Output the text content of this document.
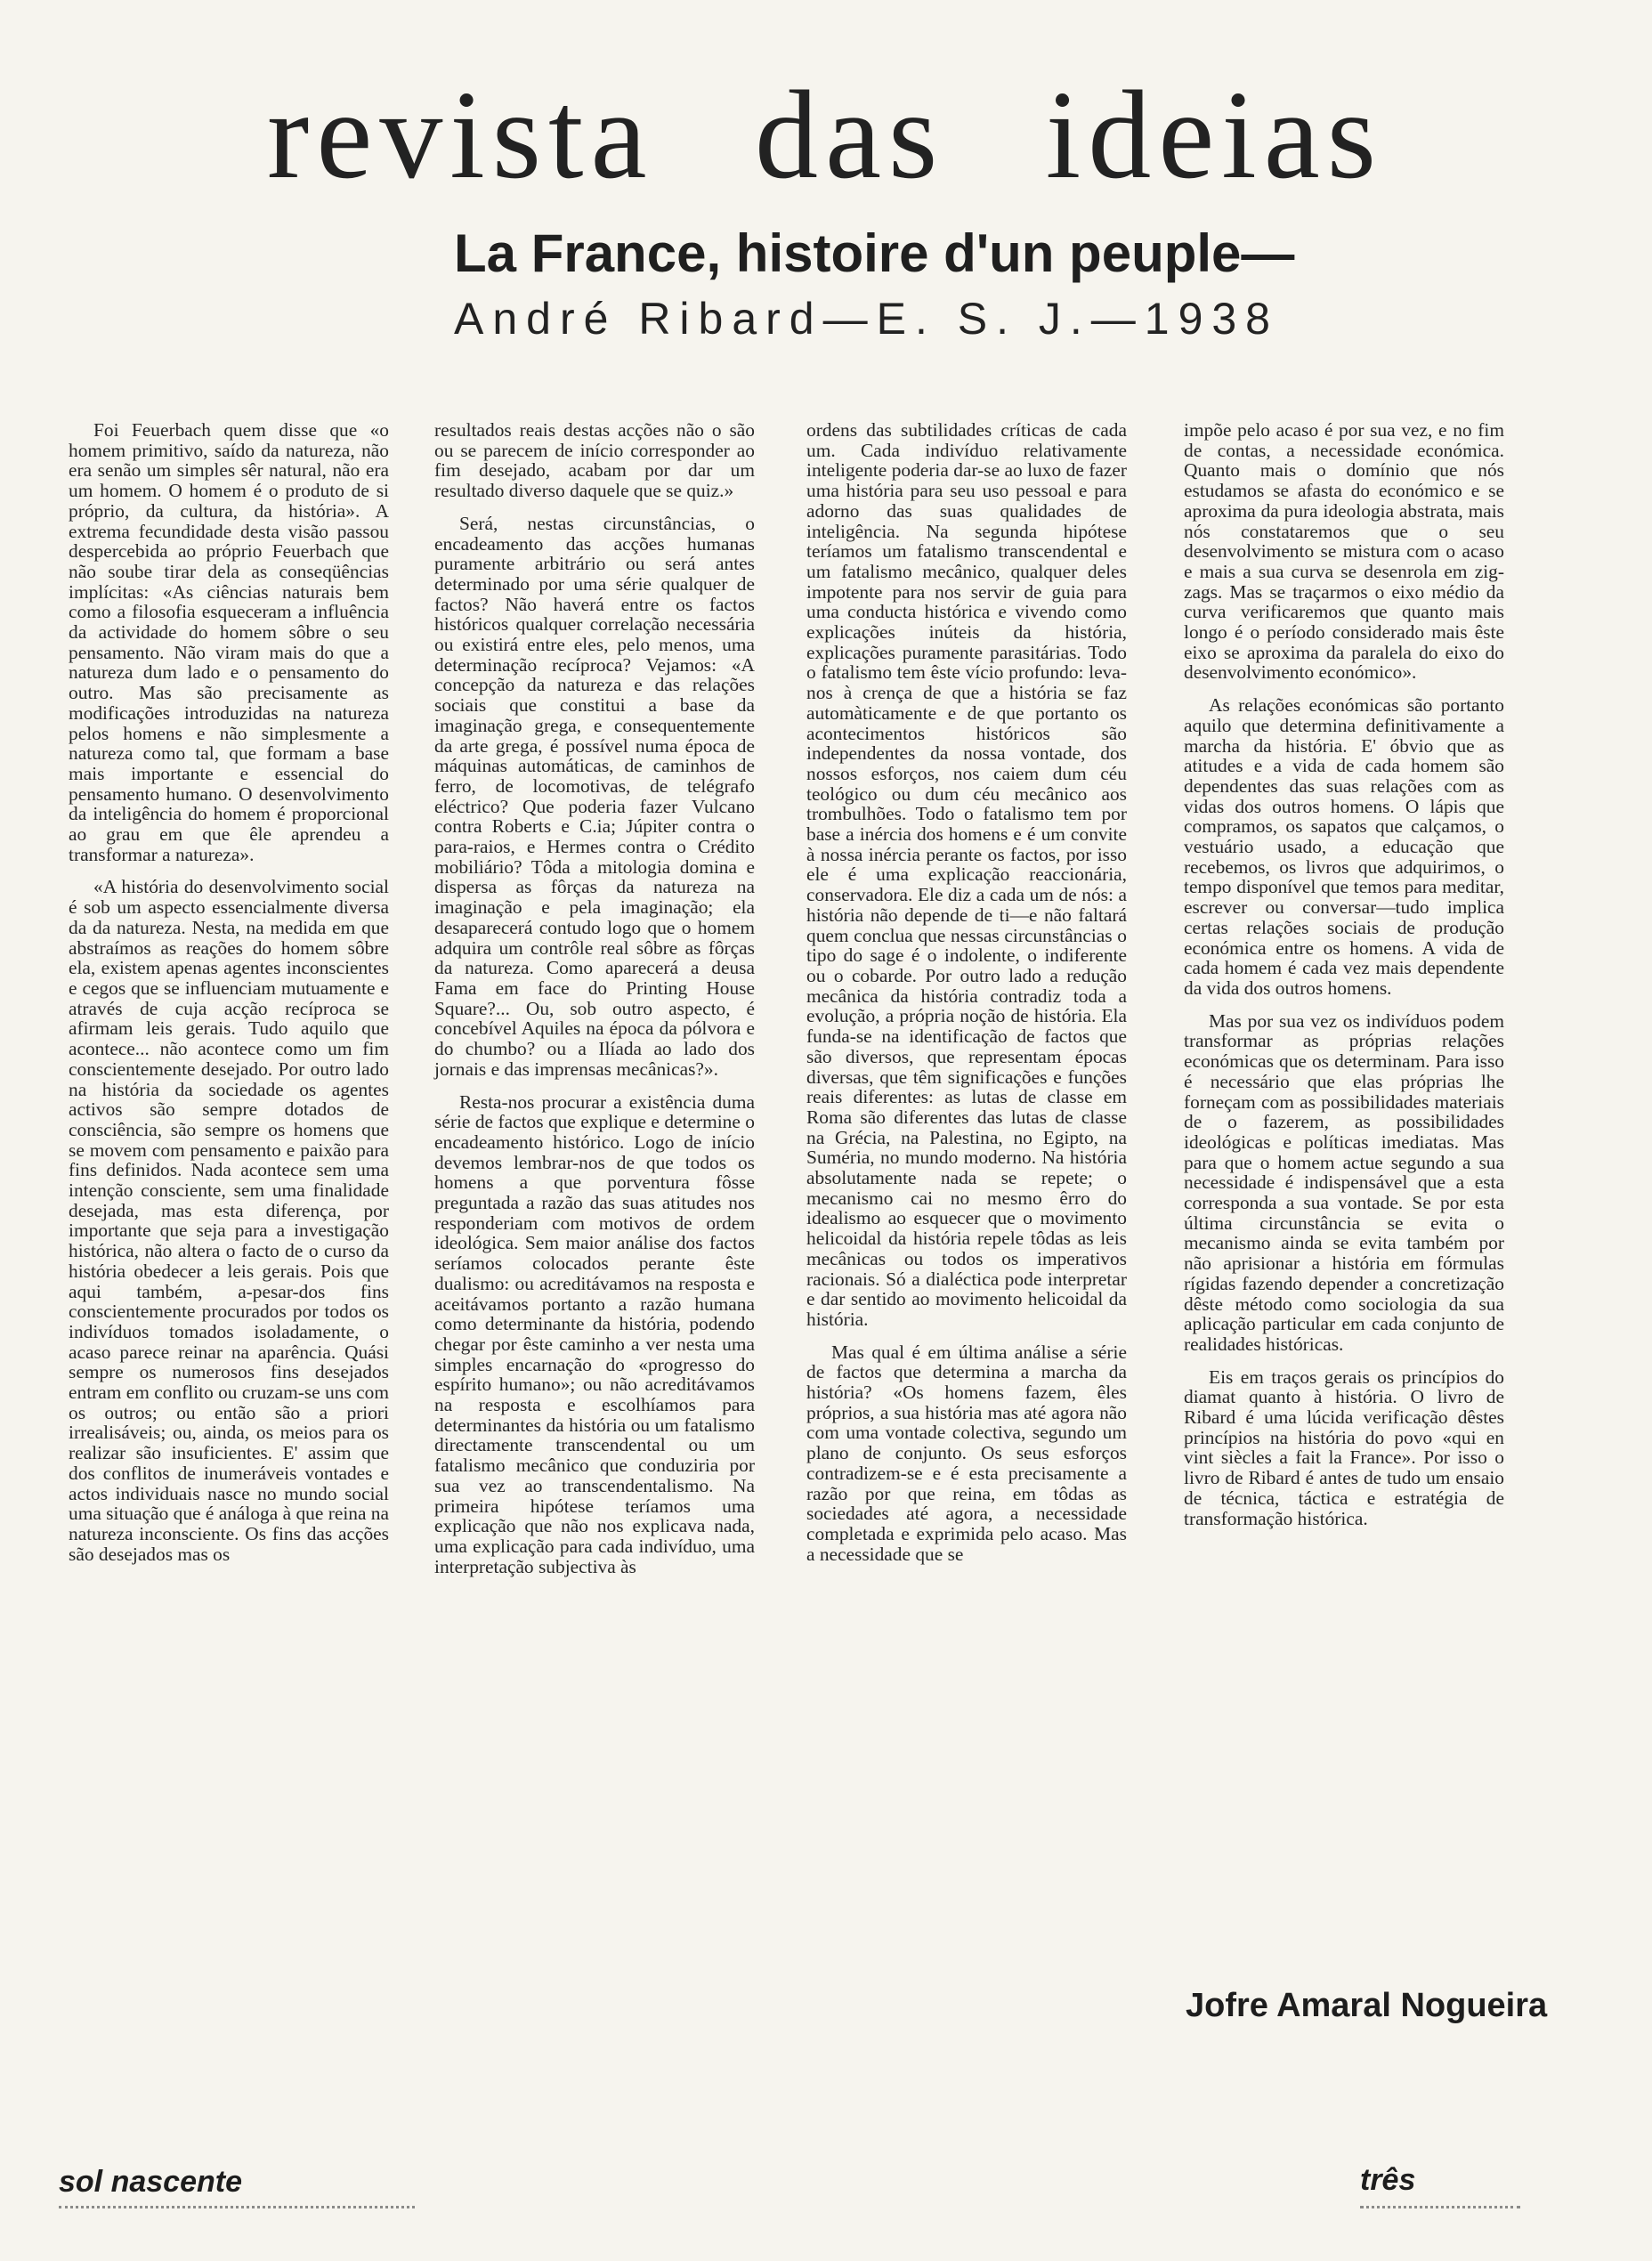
revista das ideias
La France, histoire d'un peuple—
André Ribard—E. S. J.—1938

Foi Feuerbach quem disse que «o homem primitivo, saído da natureza, não era senão um simples sêr natural, não era um homem. O homem é o produto de si próprio, da cultura, da história». A extrema fecundidade desta visão passou despercebida ao próprio Feuerbach que não soube tirar dela as conseqüências implícitas: «As ciências naturais bem como a filosofia esqueceram a influência da actividade do homem sôbre o seu pensamento. Não viram mais do que a natureza dum lado e o pensamento do outro. Mas são precisamente as modificações introduzidas na natureza pelos homens e não simplesmente a natureza como tal, que formam a base mais importante e essencial do pensamento humano. O desenvolvimento da inteligência do homem é proporcional ao grau em que êle aprendeu a transformar a natureza».

«A história do desenvolvimento social é sob um aspecto essencialmente diversa da da natureza. Nesta, na medida em que abstraímos as reações do homem sôbre ela, existem apenas agentes inconscientes e cegos que se influenciam mutuamente e através de cuja acção recíproca se afirmam leis gerais. Tudo aquilo que acontece... não acontece como um fim conscientemente desejado. Por outro lado na história da sociedade os agentes activos são sempre dotados de consciência, são sempre os homens que se movem com pensamento e paixão para fins definidos. Nada acontece sem uma intenção consciente, sem uma finalidade desejada, mas esta diferença, por importante que seja para a investigação histórica, não altera o facto de o curso da história obedecer a leis gerais. Pois que aqui também, a-pesar-dos fins conscientemente procurados por todos os indivíduos tomados isoladamente, o acaso parece reinar na aparência. Quási sempre os numerosos fins desejados entram em conflito ou cruzam-se uns com os outros; ou então são a priori irrealisáveis; ou, ainda, os meios para os realizar são insuficientes. E' assim que dos conflitos de inumeráveis vontades e actos individuais nasce no mundo social uma situação que é análoga à que reina na natureza inconsciente. Os fins das acções são desejados mas os

resultados reais destas acções não o são ou se parecem de início corresponder ao fim desejado, acabam por dar um resultado diverso daquele que se quiz.»

Será, nestas circunstâncias, o encadeamento das acções humanas puramente arbitrário ou será antes determinado por uma série qualquer de factos? Não haverá entre os factos históricos qualquer correlação necessária ou existirá entre eles, pelo menos, uma determinação recíproca? Vejamos: «A concepção da natureza e das relações sociais que constitui a base da imaginação grega, e consequentemente da arte grega, é possível numa época de máquinas automáticas, de caminhos de ferro, de locomotivas, de telégrafo eléctrico? Que poderia fazer Vulcano contra Roberts e C.ia; Júpiter contra o para-raios, e Hermes contra o Crédito mobiliário? Tôda a mitologia domina e dispersa as fôrças da natureza na imaginação e pela imaginação; ela desaparecerá contudo logo que o homem adquira um contrôle real sôbre as fôrças da natureza. Como aparecerá a deusa Fama em face do Printing House Square?... Ou, sob outro aspecto, é concebível Aquiles na época da pólvora e do chumbo? ou a Ilíada ao lado dos jornais e das imprensas mecânicas?».

Resta-nos procurar a existência duma série de factos que explique e determine o encadeamento histórico. Logo de início devemos lembrar-nos de que todos os homens a que porventura fôsse preguntada a razão das suas atitudes nos responderiam com motivos de ordem ideológica. Sem maior análise dos factos seríamos colocados perante êste dualismo: ou acreditávamos na resposta e aceitávamos portanto a razão humana como determinante da história, podendo chegar por êste caminho a ver nesta uma simples encarnação do «progresso do espírito humano»; ou não acreditávamos na resposta e escolhíamos para determinantes da história ou um fatalismo directamente transcendental ou um fatalismo mecânico que conduziria por sua vez ao transcendentalismo. Na primeira hipótese teríamos uma explicação que não nos explicava nada, uma explicação para cada indivíduo, uma interpretação subjectiva às

ordens das subtilidades críticas de cada um. Cada indivíduo relativamente inteligente poderia dar-se ao luxo de fazer uma história para seu uso pessoal e para adorno das suas qualidades de inteligência. Na segunda hipótese teríamos um fatalismo transcendental e um fatalismo mecânico, qualquer deles impotente para nos servir de guia para uma conducta histórica e vivendo como explicações inúteis da história, explicações puramente parasitárias. Todo o fatalismo tem êste vício profundo: leva-nos à crença de que a história se faz automàticamente e de que portanto os acontecimentos históricos são independentes da nossa vontade, dos nossos esforços, nos caiem dum céu teológico ou dum céu mecânico aos trombulhões. Todo o fatalismo tem por base a inércia dos homens e é um convite à nossa inércia perante os factos, por isso ele é uma explicação reaccionária, conservadora. Ele diz a cada um de nós: a história não depende de ti—e não faltará quem conclua que nessas circunstâncias o tipo do sage é o indolente, o indiferente ou o cobarde. Por outro lado a redução mecânica da história contradiz toda a evolução, a própria noção de história. Ela funda-se na identificação de factos que são diversos, que representam épocas diversas, que têm significações e funções reais diferentes: as lutas de classe em Roma são diferentes das lutas de classe na Grécia, na Palestina, no Egipto, na Suméria, no mundo moderno. Na história absolutamente nada se repete; o mecanismo cai no mesmo êrro do idealismo ao esquecer que o movimento helicoidal da história repele tôdas as leis mecânicas ou todos os imperativos racionais. Só a dialéctica pode interpretar e dar sentido ao movimento helicoidal da história.

Mas qual é em última análise a série de factos que determina a marcha da história? «Os homens fazem, êles próprios, a sua história mas até agora não com uma vontade colectiva, segundo um plano de conjunto. Os seus esforços contradizem-se e é esta precisamente a razão por que reina, em tôdas as sociedades até agora, a necessidade completada e exprimida pelo acaso. Mas a necessidade que se

impõe pelo acaso é por sua vez, e no fim de contas, a necessidade económica. Quanto mais o domínio que nós estudamos se afasta do económico e se aproxima da pura ideologia abstrata, mais nós constataremos que o seu desenvolvimento se mistura com o acaso e mais a sua curva se desenrola em zig-zags. Mas se traçarmos o eixo médio da curva verificaremos que quanto mais longo é o período considerado mais êste eixo se aproxima da paralela do eixo do desenvolvimento económico».

As relações económicas são portanto aquilo que determina definitivamente a marcha da história. E' óbvio que as atitudes e a vida de cada homem são dependentes das suas relações com as vidas dos outros homens. O lápis que compramos, os sapatos que calçamos, o vestuário usado, a educação que recebemos, os livros que adquirimos, o tempo disponível que temos para meditar, escrever ou conversar—tudo implica certas relações sociais de produção económica entre os homens. A vida de cada homem é cada vez mais dependente da vida dos outros homens.

Mas por sua vez os indivíduos podem transformar as próprias relações económicas que os determinam. Para isso é necessário que elas próprias lhe forneçam com as possibilidades materiais de o fazerem, as possibilidades ideológicas e políticas imediatas. Mas para que o homem actue segundo a sua necessidade é indispensável que a esta corresponda a sua vontade. Se por esta última circunstância se evita o mecanismo ainda se evita também por não aprisionar a história em fórmulas rígidas fazendo depender a concretização dêste método como sociologia da sua aplicação particular em cada conjunto de realidades históricas.

Eis em traços gerais os princípios do diamat quanto à história. O livro de Ribard é uma lúcida verificação dêstes princípios na história do povo «qui en vint siècles a fait la France». Por isso o livro de Ribard é antes de tudo um ensaio de técnica, táctica e estratégia de transformação histórica.

Jofre Amaral Nogueira
sol nascente	três
